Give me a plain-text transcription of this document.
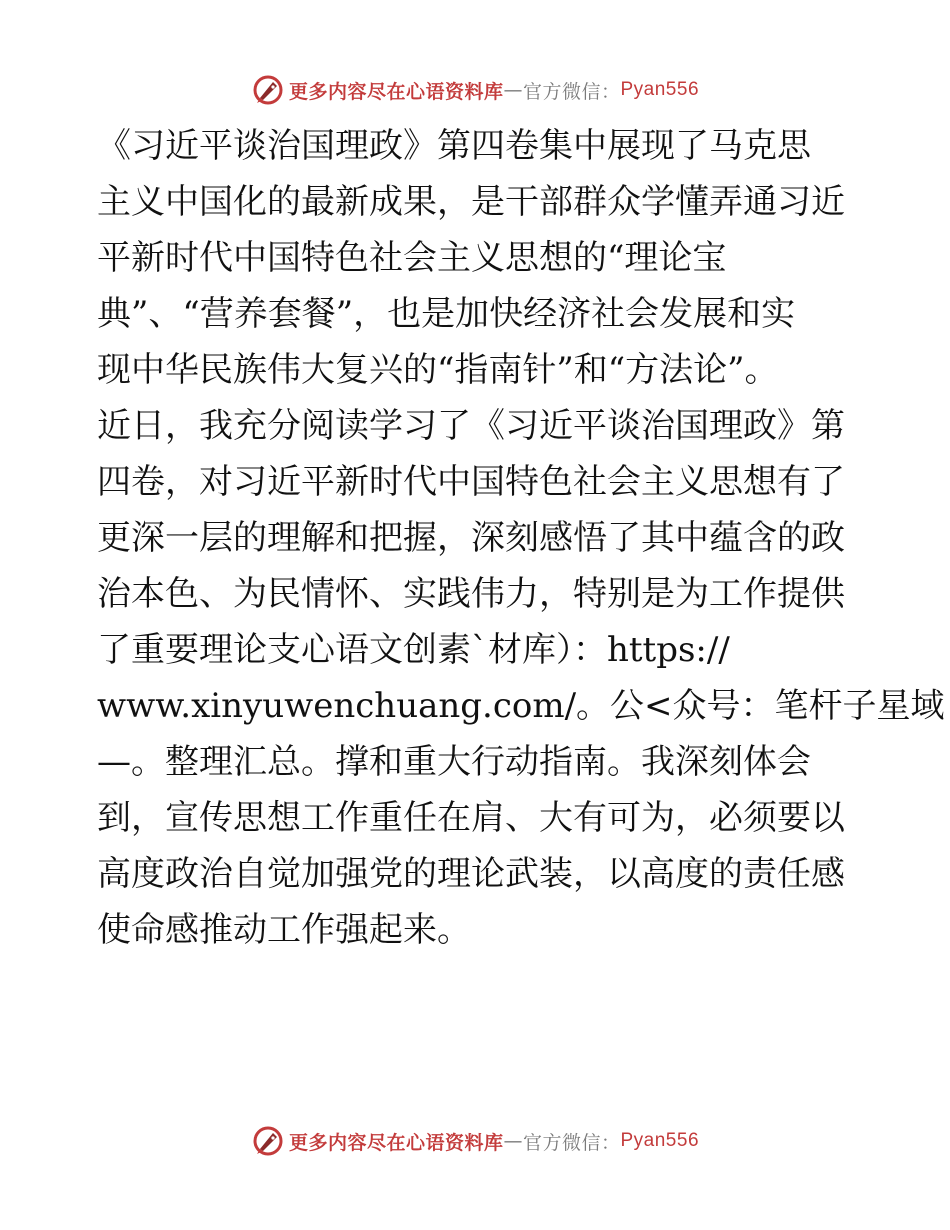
更多内容尽在心语资料库 — 官方微信： Pyan556
《习近平谈治国理政》第四卷集中展现了马克思
主义中国化的最新成果，是干部群众学懂弄通习近
平新时代中国特色社会主义思想的“理论宝
典”、“营养套餐”，也是加快经济社会发展和实
现中华民族伟大复兴的“指南针”和“方法论”。
近日，我充分阅读学习了《习近平谈治国理政》第
四卷，对习近平新时代中国特色社会主义思想有了
更深一层的理解和把握，深刻感悟了其中蕴含的政
治本色、为民情怀、实践伟力，特别是为工作提供
了重要理论支心语文创素`材库）：https://
www.xinyuwenchuang.com/。公<众号：笔杆子星域
—。整理汇总。撑和重大行动指南。我深刻体会
到，宣传思想工作重任在肩、大有可为，必须要以
高度政治自觉加强党的理论武装，以高度的责任感
使命感推动工作强起来。
更多内容尽在心语资料库 — 官方微信： Pyan556
